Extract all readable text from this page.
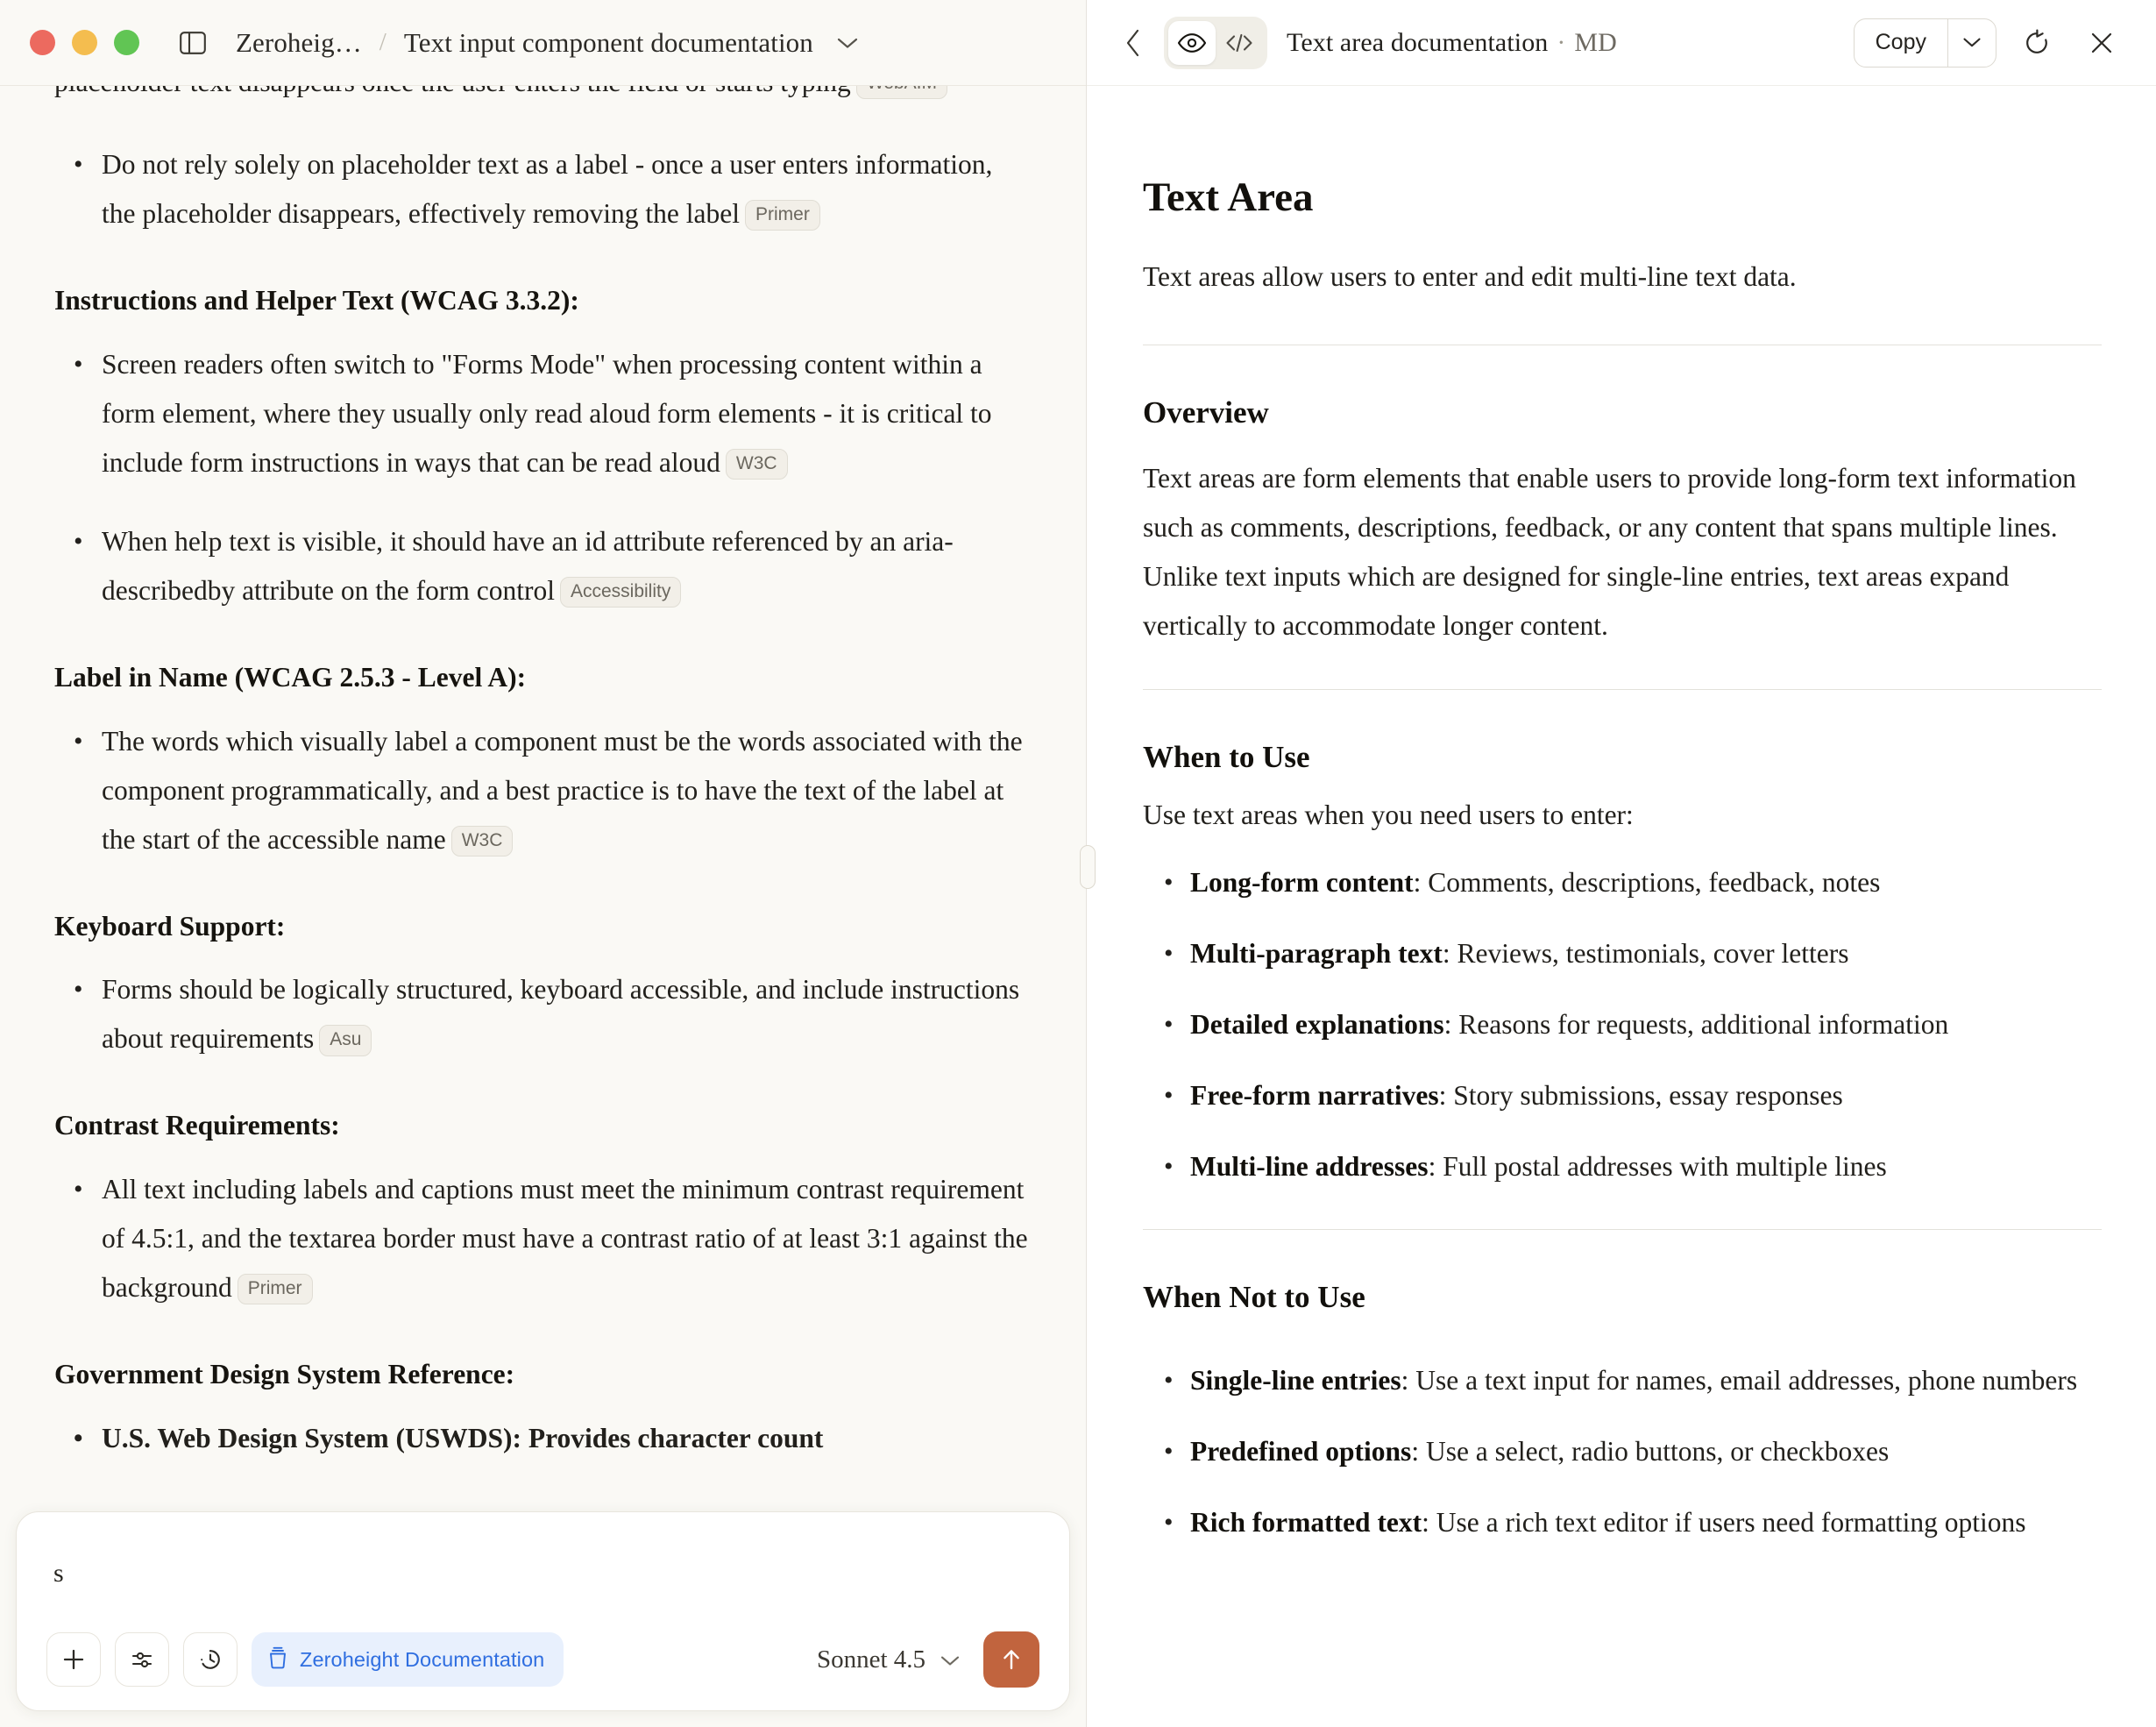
Zeroheig… / Text input component documentation
• Do not rely solely on placeholder text as a label - once a user enters information, the placeholder disappears, effectively removing the label Primer
Instructions and Helper Text (WCAG 3.3.2):
• Screen readers often switch to "Forms Mode" when processing content within a form element, where they usually only read aloud form elements - it is critical to include form instructions in ways that can be read aloud W3C
• When help text is visible, it should have an id attribute referenced by an aria-describedby attribute on the form control Accessibility
Label in Name (WCAG 2.5.3 - Level A):
• The words which visually label a component must be the words associated with the component programmatically, and a best practice is to have the text of the label at the start of the accessible name W3C
Keyboard Support:
• Forms should be logically structured, keyboard accessible, and include instructions about requirements Asu
Contrast Requirements:
• All text including labels and captions must meet the minimum contrast requirement of 4.5:1, and the textarea border must have a contrast ratio of at least 3:1 against the background Primer
Government Design System Reference:
• U.S. Web Design System (USWDS): Provides character count
s
Zeroheight Documentation	Sonnet 4.5
Text area documentation · MD	Copy
Text Area
Text areas allow users to enter and edit multi-line text data.
Overview
Text areas are form elements that enable users to provide long-form text information such as comments, descriptions, feedback, or any content that spans multiple lines. Unlike text inputs which are designed for single-line entries, text areas expand vertically to accommodate longer content.
When to Use
Use text areas when you need users to enter:
• Long-form content: Comments, descriptions, feedback, notes
• Multi-paragraph text: Reviews, testimonials, cover letters
• Detailed explanations: Reasons for requests, additional information
• Free-form narratives: Story submissions, essay responses
• Multi-line addresses: Full postal addresses with multiple lines
When Not to Use
• Single-line entries: Use a text input for names, email addresses, phone numbers
• Predefined options: Use a select, radio buttons, or checkboxes
• Rich formatted text: Use a rich text editor if users need formatting options
